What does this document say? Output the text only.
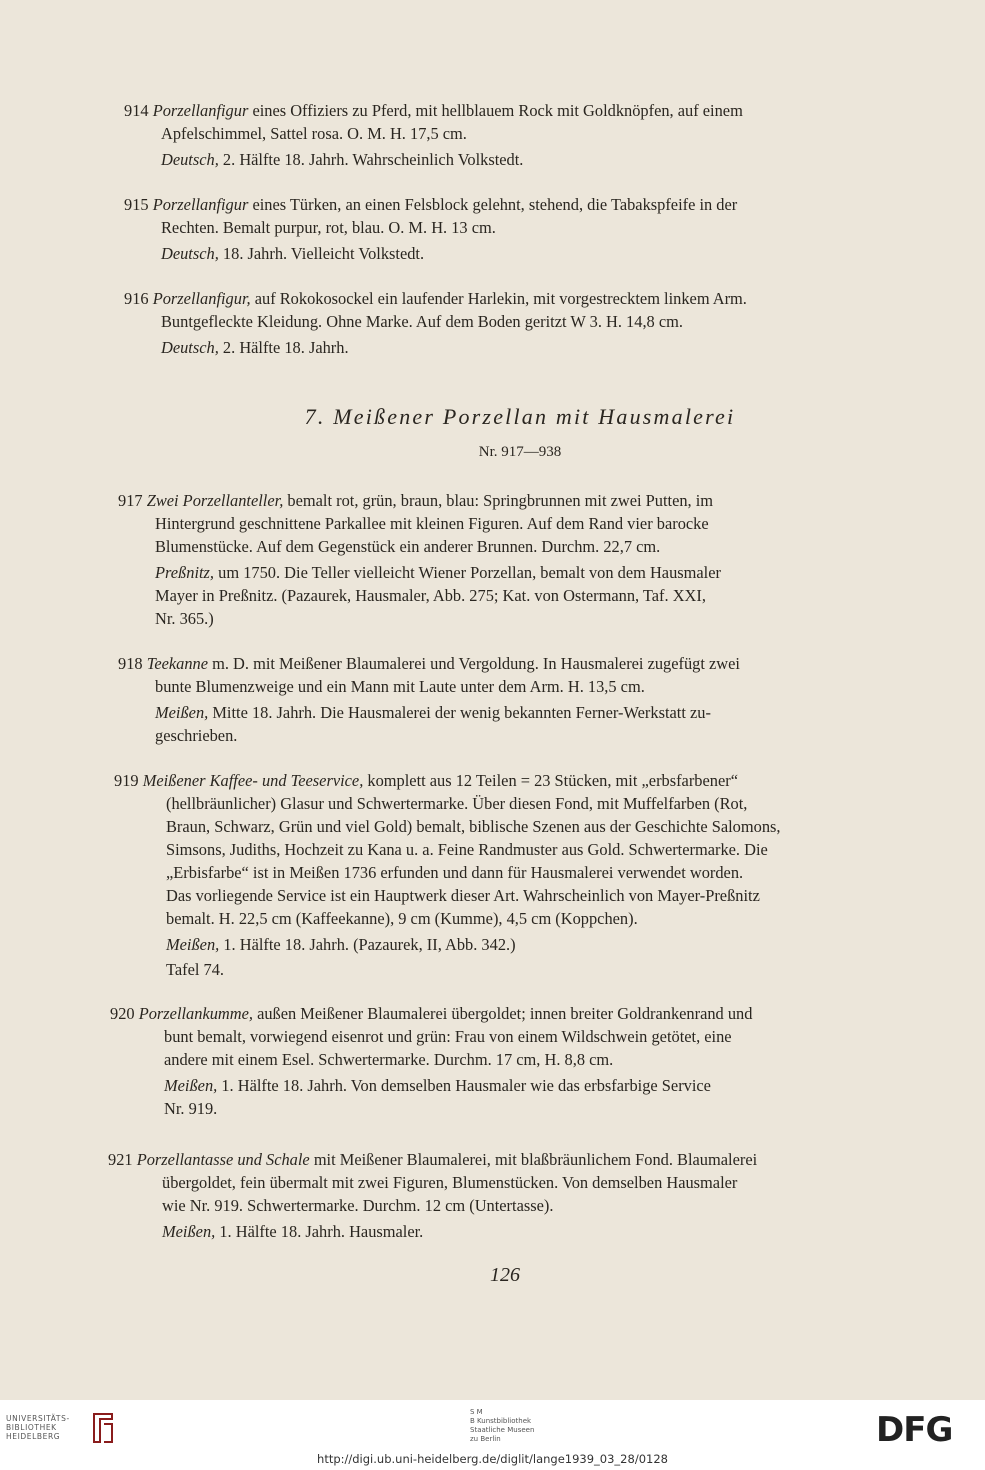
914 Porzellanfigur eines Offiziers zu Pferd, mit hellblauem Rock mit Goldknöpfen, auf einem

Apfelschimmel, Sattel rosa. O. M. H. 17,5 cm.

Deutsch, 2. Hälfte 18. Jahrh. Wahrscheinlich Volkstedt.

915 Porzellanfigur eines Türken, an einen Felsblock gelehnt, stehend, die Tabakspfeife in der

Rechten. Bemalt purpur, rot, blau. O. M. H. 13 cm.

Deutsch, 18. Jahrh. Vielleicht Volkstedt.

916 Porzellanfigur, auf Rokokosockel ein laufender Harlekin, mit vorgestrecktem linkem Arm.

Buntgefleckte Kleidung. Ohne Marke. Auf dem Boden geritzt W 3. H. 14,8 cm.

Deutsch, 2. Hälfte 18. Jahrh.

7. Meißener Porzellan mit Hausmalerei
Nr. 917—938

917 Zwei Porzellanteller, bemalt rot, grün, braun, blau: Springbrunnen mit zwei Putten, im

Hintergrund geschnittene Parkallee mit kleinen Figuren. Auf dem Rand vier barocke

Blumenstücke. Auf dem Gegenstück ein anderer Brunnen. Durchm. 22,7 cm.

Preßnitz, um 1750. Die Teller vielleicht Wiener Porzellan, bemalt von dem Hausmaler

Mayer in Preßnitz. (Pazaurek, Hausmaler, Abb. 275; Kat. von Ostermann, Taf. XXI,

Nr. 365.)

918 Teekanne m. D. mit Meißener Blaumalerei und Vergoldung. In Hausmalerei zugefügt zwei

bunte Blumenzweige und ein Mann mit Laute unter dem Arm. H. 13,5 cm.

Meißen, Mitte 18. Jahrh. Die Hausmalerei der wenig bekannten Ferner-Werkstatt zu-

geschrieben.

919 Meißener Kaffee- und Teeservice, komplett aus 12 Teilen = 23 Stücken, mit „erbsfarbener“

(hellbräunlicher) Glasur und Schwertermarke. Über diesen Fond, mit Muffelfarben (Rot,

Braun, Schwarz, Grün und viel Gold) bemalt, biblische Szenen aus der Geschichte Salomons,

Simsons, Judiths, Hochzeit zu Kana u. a. Feine Randmuster aus Gold. Schwertermarke. Die

„Erbisfarbe“ ist in Meißen 1736 erfunden und dann für Hausmalerei verwendet worden.

Das vorliegende Service ist ein Hauptwerk dieser Art. Wahrscheinlich von Mayer-Preßnitz

bemalt. H. 22,5 cm (Kaffeekanne), 9 cm (Kumme), 4,5 cm (Koppchen).

Meißen, 1. Hälfte 18. Jahrh. (Pazaurek, II, Abb. 342.)

Tafel 74.

920 Porzellankumme, außen Meißener Blaumalerei übergoldet; innen breiter Goldrankenrand und

bunt bemalt, vorwiegend eisenrot und grün: Frau von einem Wildschwein getötet, eine

andere mit einem Esel. Schwertermarke. Durchm. 17 cm, H. 8,8 cm.

Meißen, 1. Hälfte 18. Jahrh. Von demselben Hausmaler wie das erbsfarbige Service

Nr. 919.

921 Porzellantasse und Schale mit Meißener Blaumalerei, mit blaßbräunlichem Fond. Blaumalerei

übergoldet, fein übermalt mit zwei Figuren, Blumenstücken. Von demselben Hausmaler

wie Nr. 919. Schwertermarke. Durchm. 12 cm (Untertasse).

Meißen, 1. Hälfte 18. Jahrh. Hausmaler.

126
UNIVERSITÄTS-
BIBLIOTHEK
HEIDELBERG
S M
B Kunstbibliothek
Staatliche Museen
zu Berlin	DFG
http://digi.ub.uni-heidelberg.de/diglit/lange1939_03_28/0128
